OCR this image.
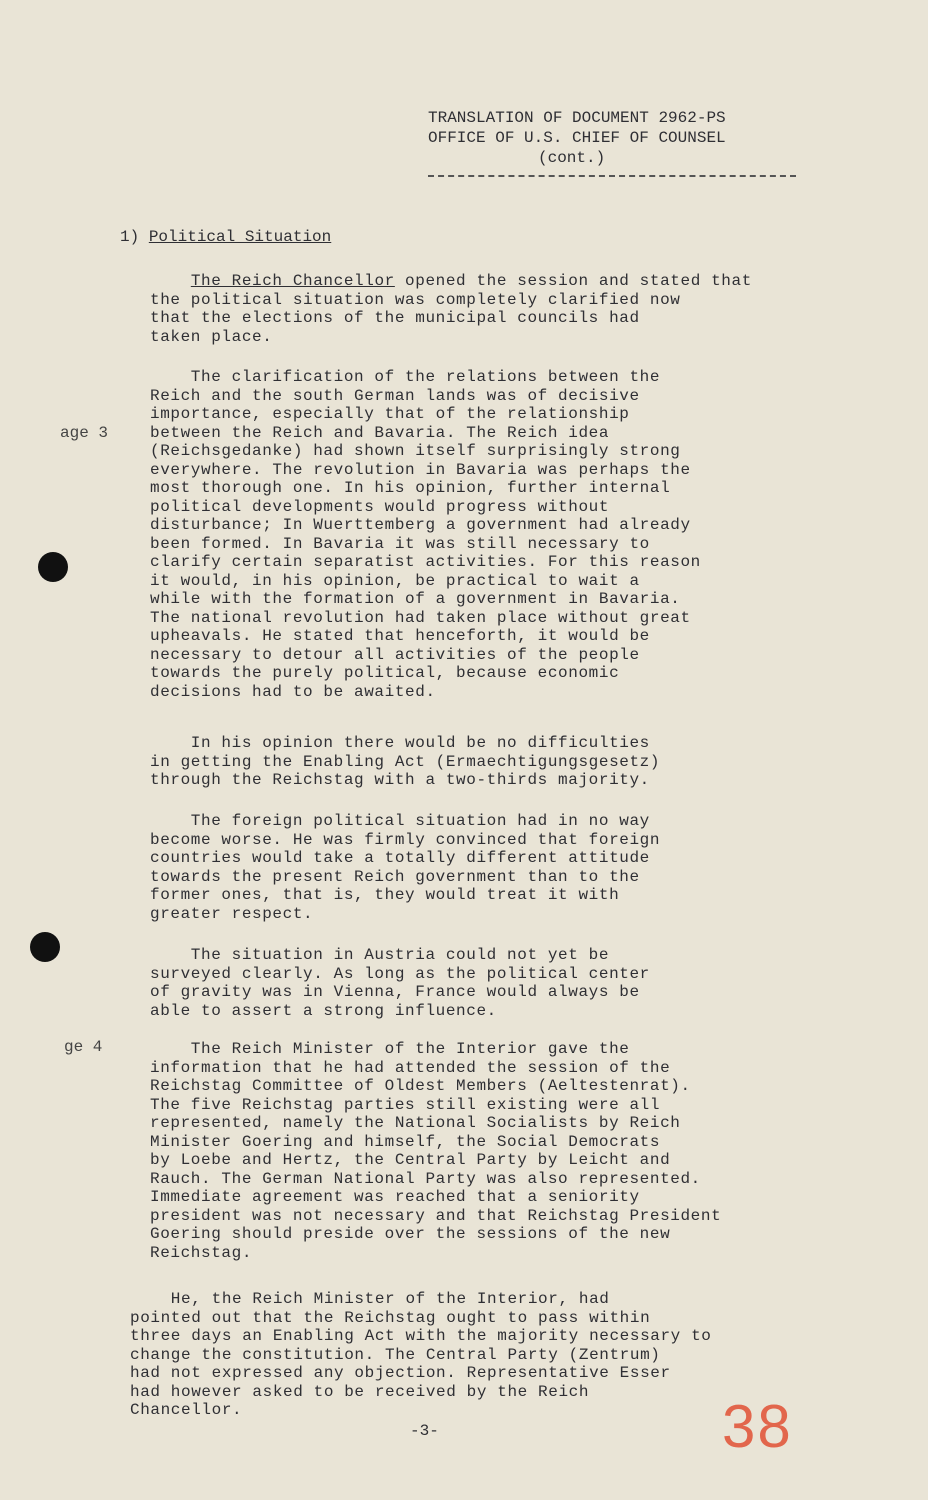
TRANSLATION OF DOCUMENT 2962-PS
OFFICE OF U.S. CHIEF OF COUNSEL
(cont.)
1) Political Situation
The Reich Chancellor opened the session and stated that
the political situation was completely clarified now
that the elections of the municipal councils had
taken place.
The clarification of the relations between the
Reich and the south German lands was of decisive
importance, especially that of the relationship
between the Reich and Bavaria. The Reich idea
(Reichsgedanke) had shown itself surprisingly strong
everywhere. The revolution in Bavaria was perhaps the
most thorough one. In his opinion, further internal
political developments would progress without
disturbance; In Wuerttemberg a government had already
been formed. In Bavaria it was still necessary to
clarify certain separatist activities. For this reason
it would, in his opinion, be practical to wait a
while with the formation of a government in Bavaria.
The national revolution had taken place without great
upheavals. He stated that henceforth, it would be
necessary to detour all activities of the people
towards the purely political, because economic
decisions had to be awaited.
In his opinion there would be no difficulties
in getting the Enabling Act (Ermaechtigungsgesetz)
through the Reichstag with a two-thirds majority.
The foreign political situation had in no way
become worse. He was firmly convinced that foreign
countries would take a totally different attitude
towards the present Reich government than to the
former ones, that is, they would treat it with
greater respect.
The situation in Austria could not yet be
surveyed clearly. As long as the political center
of gravity was in Vienna, France would always be
able to assert a strong influence.
The Reich Minister of the Interior gave the
information that he had attended the session of the
Reichstag Committee of Oldest Members (Aeltestenrat).
The five Reichstag parties still existing were all
represented, namely the National Socialists by Reich
Minister Goering and himself, the Social Democrats
by Loebe and Hertz, the Central Party by Leicht and
Rauch. The German National Party was also represented.
Immediate agreement was reached that a seniority
president was not necessary and that Reichstag President
Goering should preside over the sessions of the new
Reichstag.
He, the Reich Minister of the Interior, had
pointed out that the Reichstag ought to pass within
three days an Enabling Act with the majority necessary to
change the constitution. The Central Party (Zentrum)
had not expressed any objection. Representative Esser
had however asked to be received by the Reich
Chancellor.
age 3
ge 4
-3-	38
